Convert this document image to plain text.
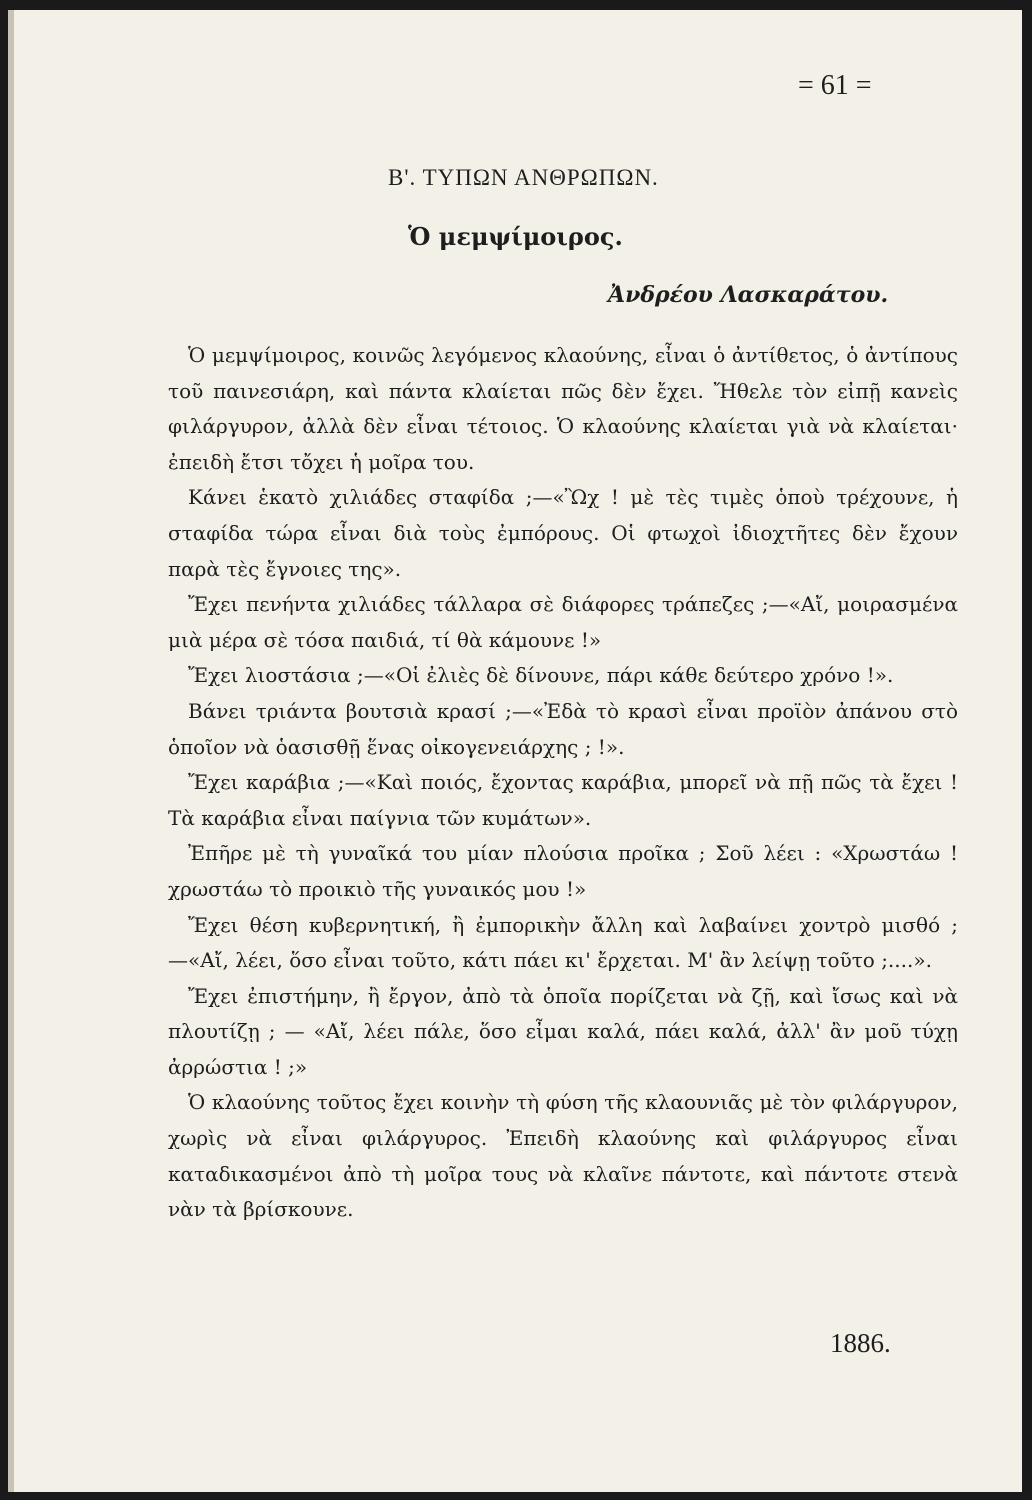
= 61 =
Β'. ΤΥΠΩΝ ΑΝΘΡΩΠΩΝ.
Ὁ μεμψίμοιρος.
Ἀνδρέου Λασκαράτου.

Ὁ μεμψίμοιρος, κοινῶς λεγόμενος κλαούνης, εἶναι ὁ ἀντίθετος, ὁ ἀντίπους τοῦ παινεσιάρη, καὶ πάντα κλαίεται πῶς δὲν ἔχει. Ἤθελε τὸν εἰπῇ κανεὶς φιλάργυρον, ἀλλὰ δὲν εἶναι τέτοιος. Ὁ κλαούνης κλαίεται γιὰ νὰ κλαίεται· ἐπειδὴ ἔτσι τὄχει ἡ μοῖρα του.

Κάνει ἑκατὸ χιλιάδες σταφίδα ;—«Ὢχ ! μὲ τὲς τιμὲς ὁποὺ τρέχουνε, ἡ σταφίδα τώρα εἶναι διὰ τοὺς ἐμπόρους. Οἱ φτωχοὶ ἰδιοχτῆτες δὲν ἔχουν παρὰ τὲς ἔγνοιες της».

Ἔχει πενήντα χιλιάδες τάλλαρα σὲ διάφορες τράπεζες ;—«Αἴ, μοιρασμένα μιὰ μέρα σὲ τόσα παιδιά, τί θὰ κάμουνε !»

Ἔχει λιοστάσια ;—«Οἱ ἐλιὲς δὲ δίνουνε, πάρι κάθε δεύτερο χρόνο !».

Βάνει τριάντα βουτσιὰ κρασί ;—«Ἐδὰ τὸ κρασὶ εἶναι προϊὸν ἀπάνου στὸ ὁποῖον νὰ ὁασισθῇ ἕνας οἰκογενειάρχης ; !».

Ἔχει καράβια ;—«Καὶ ποιός, ἔχοντας καράβια, μπορεῖ νὰ πῇ πῶς τὰ ἔχει ! Τὰ καράβια εἶναι παίγνια τῶν κυμάτων».

Ἐπῆρε μὲ τὴ γυναῖκά του μίαν πλούσια προῖκα ; Σοῦ λέει : «Χρωστάω ! χρωστάω τὸ προικιὸ τῆς γυναικός μου !»

Ἔχει θέση κυβερνητική, ἢ ἐμπορικὴν ἄλλη καὶ λαβαίνει χοντρὸ μισθό ;—«Αἴ, λέει, ὅσο εἶναι τοῦτο, κάτι πάει κι' ἔρχεται. Μ' ἂν λείψῃ τοῦτο ;....».

Ἔχει ἐπιστήμην, ἢ ἔργον, ἀπὸ τὰ ὁποῖα πορίζεται νὰ ζῇ, καὶ ἴσως καὶ νὰ πλουτίζῃ ; — «Αἴ, λέει πάλε, ὅσο εἶμαι καλά, πάει καλά, ἀλλ' ἂν μοῦ τύχῃ ἀρρώστια ! ;»

Ὁ κλαούνης τοῦτος ἔχει κοινὴν τὴ φύση τῆς κλαουνιᾶς μὲ τὸν φιλάργυρον, χωρὶς νὰ εἶναι φιλάργυρος. Ἐπειδὴ κλαούνης καὶ φιλάργυρος εἶναι καταδικασμένοι ἀπὸ τὴ μοῖρα τους νὰ κλαῖνε πάντοτε, καὶ πάντοτε στενὰ νὰν τὰ βρίσκουνε.

1886.
